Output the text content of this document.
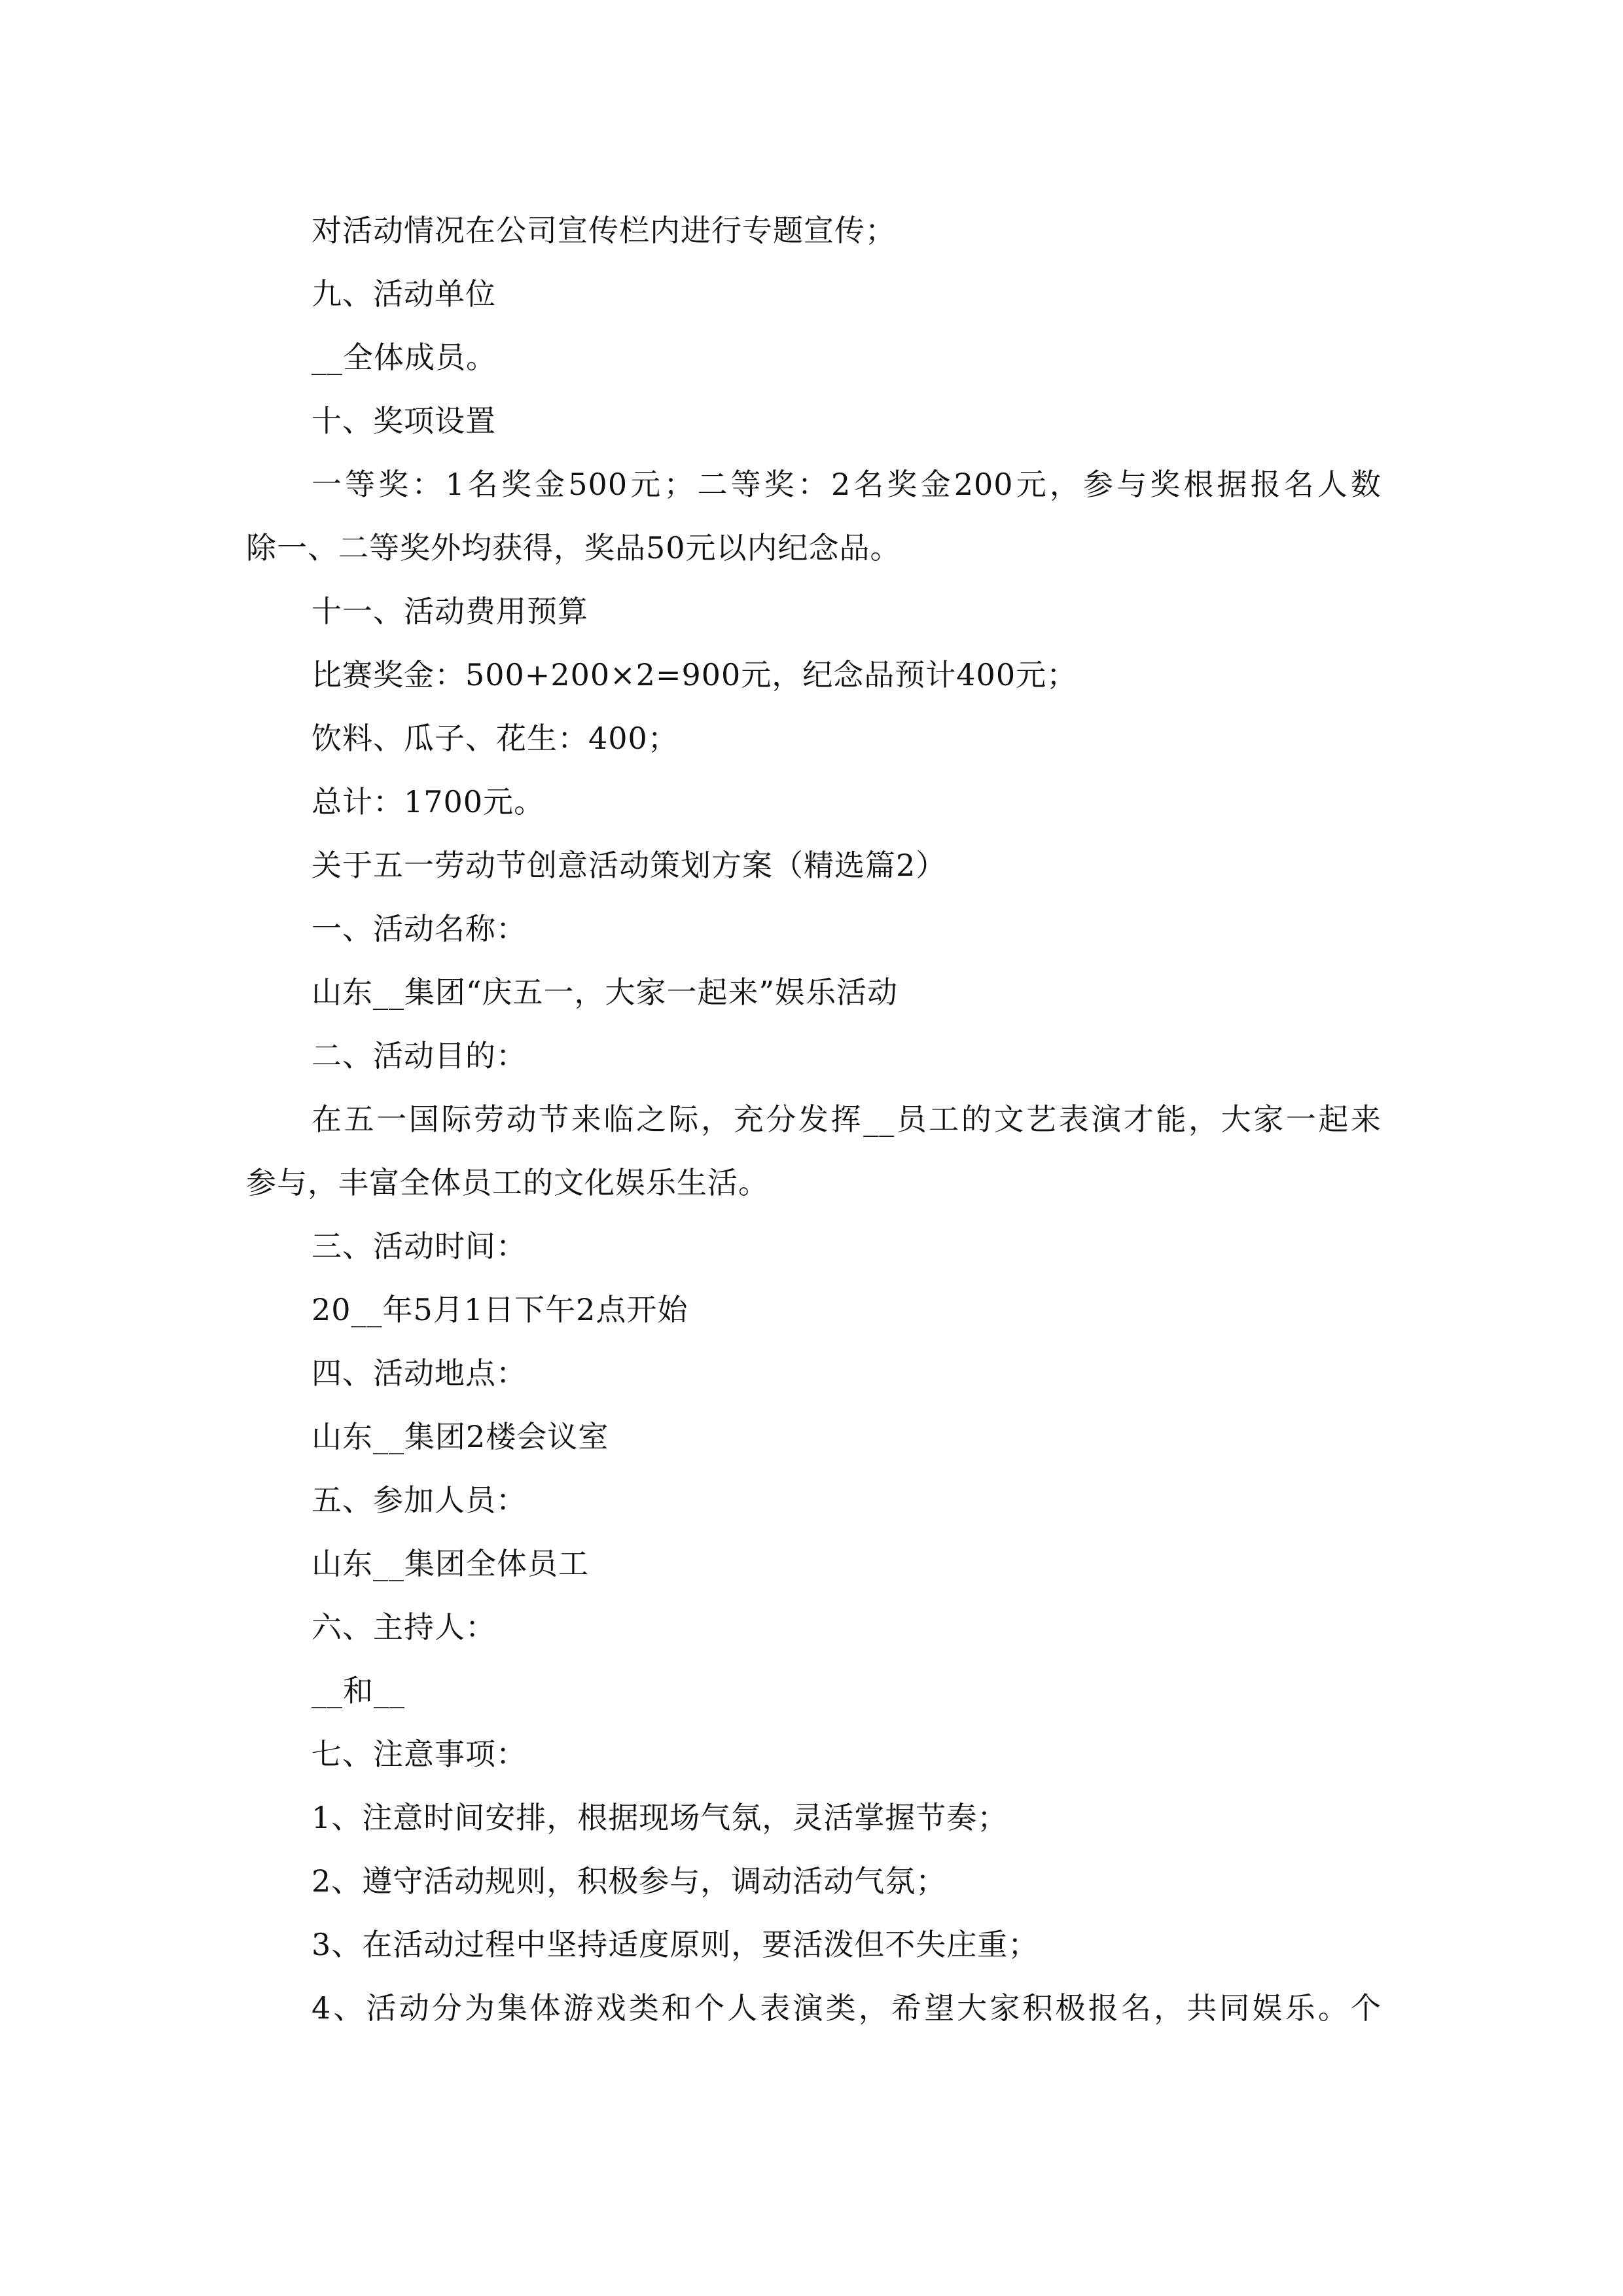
对活动情况在公司宣传栏内进行专题宣传；
九、活动单位
__全体成员。
十、奖项设置
一等奖：1名奖金500元；二等奖：2名奖金200元，参与奖根据报名人数
除一、二等奖外均获得，奖品50元以内纪念品。
十一、活动费用预算
比赛奖金：500+200×2=900元，纪念品预计400元；
饮料、瓜子、花生：400；
总计：1700元。
关于五一劳动节创意活动策划方案（精选篇2）
一、活动名称：
山东__集团“庆五一，大家一起来”娱乐活动
二、活动目的：
在五一国际劳动节来临之际，充分发挥__员工的文艺表演才能，大家一起来
参与，丰富全体员工的文化娱乐生活。
三、活动时间：
20__年5月1日下午2点开始
四、活动地点：
山东__集团2楼会议室
五、参加人员：
山东__集团全体员工
六、主持人：
__和__
七、注意事项：
1、注意时间安排，根据现场气氛，灵活掌握节奏；
2、遵守活动规则，积极参与，调动活动气氛；
3、在活动过程中坚持适度原则，要活泼但不失庄重；
4、活动分为集体游戏类和个人表演类，希望大家积极报名，共同娱乐。个
